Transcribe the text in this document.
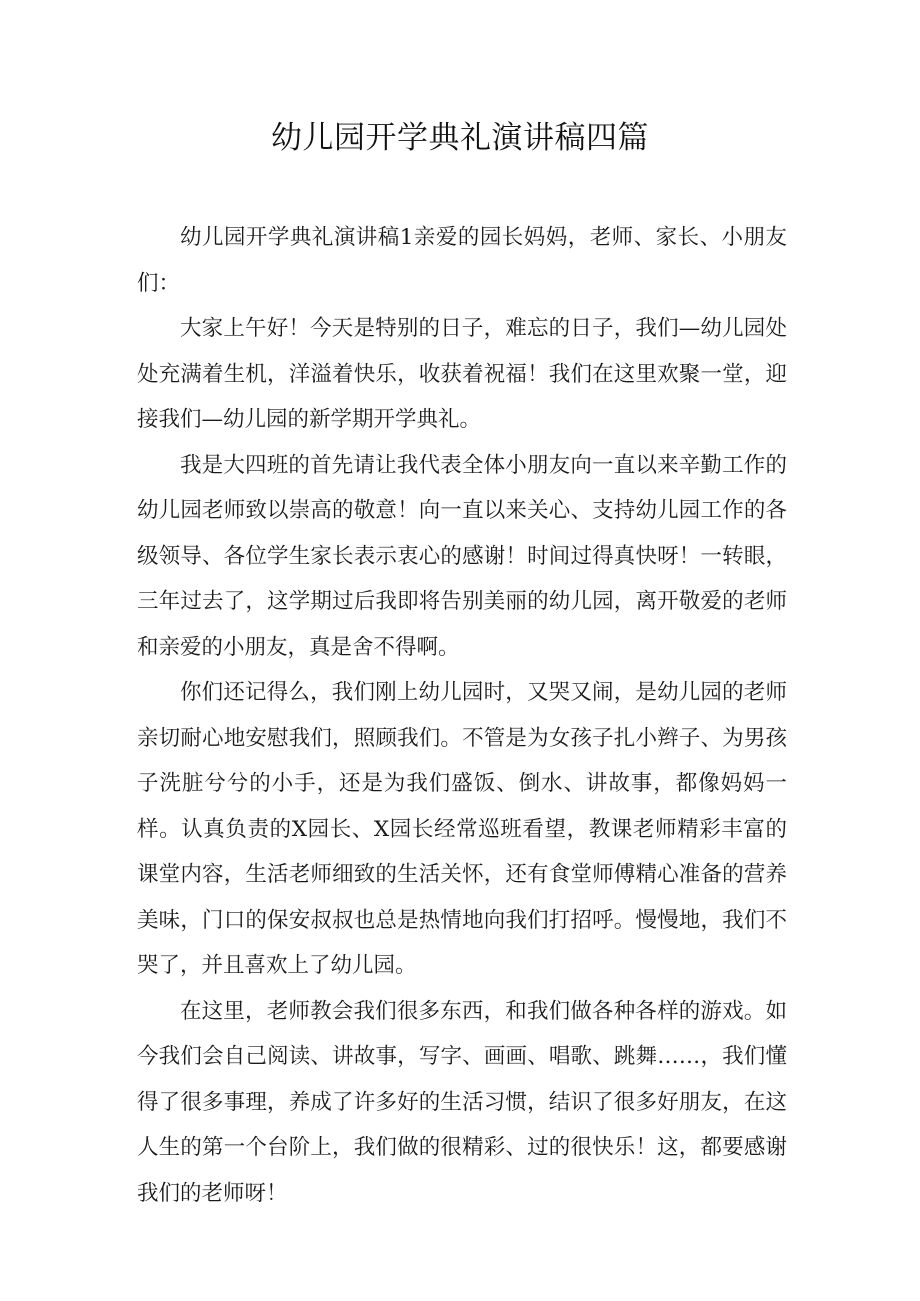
幼儿园开学典礼演讲稿四篇

幼儿园开学典礼演讲稿1亲爱的园长妈妈，老师、家长、小朋友们：

大家上午好！今天是特别的日子，难忘的日子，我们—幼儿园处处充满着生机，洋溢着快乐，收获着祝福！我们在这里欢聚一堂，迎接我们—幼儿园的新学期开学典礼。

我是大四班的首先请让我代表全体小朋友向一直以来辛勤工作的幼儿园老师致以崇高的敬意！向一直以来关心、支持幼儿园工作的各级领导、各位学生家长表示衷心的感谢！时间过得真快呀！一转眼，三年过去了，这学期过后我即将告别美丽的幼儿园，离开敬爱的老师和亲爱的小朋友，真是舍不得啊。

你们还记得么，我们刚上幼儿园时，又哭又闹，是幼儿园的老师亲切耐心地安慰我们，照顾我们。不管是为女孩子扎小辫子、为男孩子洗脏兮兮的小手，还是为我们盛饭、倒水、讲故事，都像妈妈一样。认真负责的X园长、X园长经常巡班看望，教课老师精彩丰富的课堂内容，生活老师细致的生活关怀，还有食堂师傅精心准备的营养美味，门口的保安叔叔也总是热情地向我们打招呼。慢慢地，我们不哭了，并且喜欢上了幼儿园。

在这里，老师教会我们很多东西，和我们做各种各样的游戏。如今我们会自己阅读、讲故事，写字、画画、唱歌、跳舞……，我们懂得了很多事理，养成了许多好的生活习惯，结识了很多好朋友，在这人生的第一个台阶上，我们做的很精彩、过的很快乐！这，都要感谢我们的老师呀！
